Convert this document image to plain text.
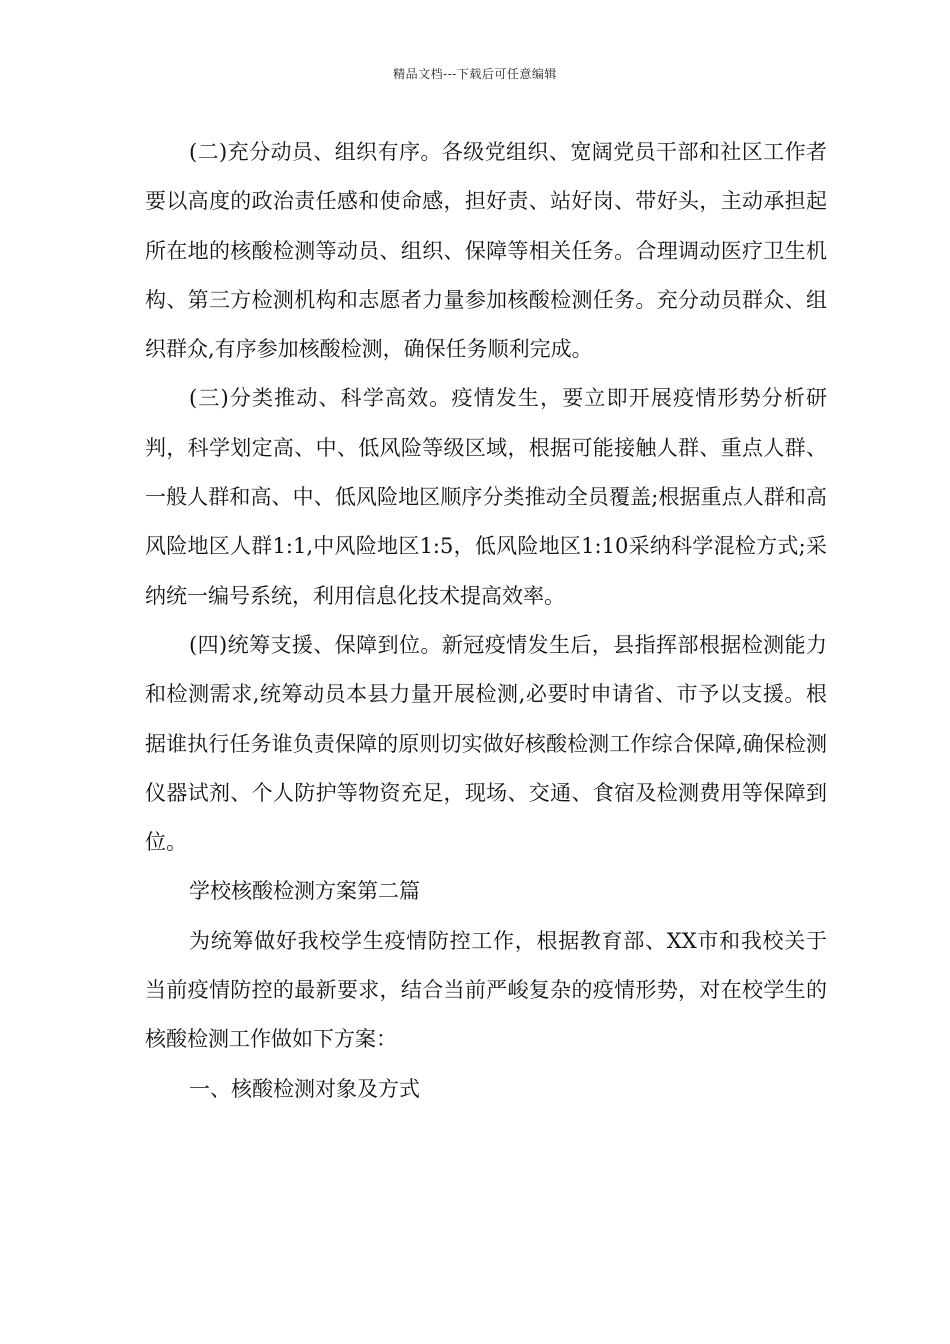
精品文档---下载后可任意编辑

(二)充分动员、组织有序。各级党组织、宽阔党员干部和社区工作者要以高度的政治责任感和使命感，担好责、站好岗、带好头，主动承担起所在地的核酸检测等动员、组织、保障等相关任务。合理调动医疗卫生机构、第三方检测机构和志愿者力量参加核酸检测任务。充分动员群众、组织群众,有序参加核酸检测，确保任务顺利完成。

(三)分类推动、科学高效。疫情发生，要立即开展疫情形势分析研判，科学划定高、中、低风险等级区域，根据可能接触人群、重点人群、一般人群和高、中、低风险地区顺序分类推动全员覆盖;根据重点人群和高风险地区人群1:1,中风险地区1:5，低风险地区1:10采纳科学混检方式;采纳统一编号系统，利用信息化技术提高效率。

(四)统筹支援、保障到位。新冠疫情发生后，县指挥部根据检测能力和检测需求,统筹动员本县力量开展检测,必要时申请省、市予以支援。根据谁执行任务谁负责保障的原则切实做好核酸检测工作综合保障,确保检测仪器试剂、个人防护等物资充足，现场、交通、食宿及检测费用等保障到位。

学校核酸检测方案第二篇

为统筹做好我校学生疫情防控工作，根据教育部、XX市和我校关于当前疫情防控的最新要求，结合当前严峻复杂的疫情形势，对在校学生的核酸检测工作做如下方案：

一、核酸检测对象及方式
